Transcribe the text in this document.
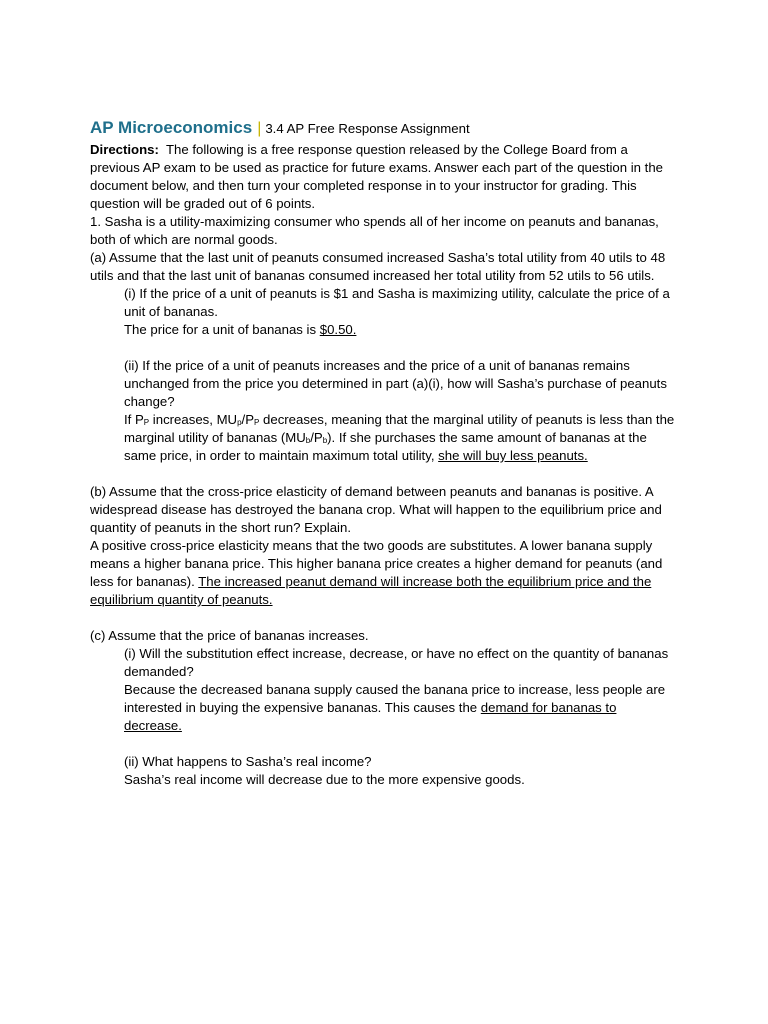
AP Microeconomics | 3.4 AP Free Response Assignment

Directions: The following is a free response question released by the College Board from a previous AP exam to be used as practice for future exams. Answer each part of the question in the document below, and then turn your completed response in to your instructor for grading. This question will be graded out of 6 points.

1. Sasha is a utility-maximizing consumer who spends all of her income on peanuts and bananas, both of which are normal goods.

(a) Assume that the last unit of peanuts consumed increased Sasha’s total utility from 40 utils to 48 utils and that the last unit of bananas consumed increased her total utility from 52 utils to 56 utils.

(i) If the price of a unit of peanuts is $1 and Sasha is maximizing utility, calculate the price of a unit of bananas.

The price for a unit of bananas is $0.50.

(ii) If the price of a unit of peanuts increases and the price of a unit of bananas remains unchanged from the price you determined in part (a)(i), how will Sasha’s purchase of peanuts change?

If $P_P$ increases, $MU_p/P_P$ decreases, meaning that the marginal utility of peanuts is less than the marginal utility of bananas $(MU_b/P_b)$. If she purchases the same amount of bananas at the same price, in order to maintain maximum total utility, she will buy less peanuts.

(b) Assume that the cross-price elasticity of demand between peanuts and bananas is positive. A widespread disease has destroyed the banana crop. What will happen to the equilibrium price and quantity of peanuts in the short run? Explain.

A positive cross-price elasticity means that the two goods are substitutes. A lower banana supply means a higher banana price. This higher banana price creates a higher demand for peanuts (and less for bananas). The increased peanut demand will increase both the equilibrium price and the equilibrium quantity of peanuts.

(c) Assume that the price of bananas increases.

(i) Will the substitution effect increase, decrease, or have no effect on the quantity of bananas demanded?

Because the decreased banana supply caused the banana price to increase, less people are interested in buying the expensive bananas. This causes the demand for bananas to decrease.

(ii) What happens to Sasha’s real income?

Sasha’s real income will decrease due to the more expensive goods.
